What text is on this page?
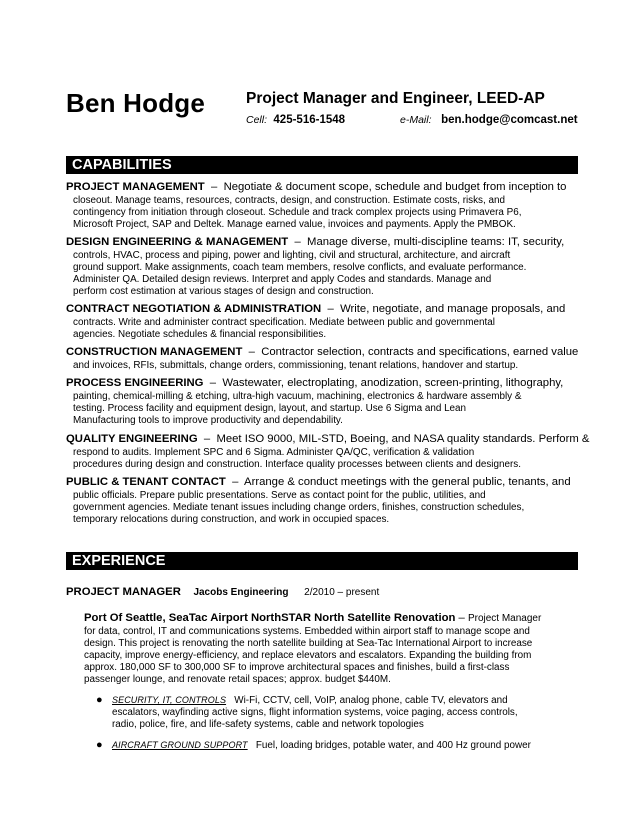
Ben Hodge	Project Manager and Engineer, LEED-AP
Cell: 425-516-1548	e-Mail: ben.hodge@comcast.net
CAPABILITIES
PROJECT MANAGEMENT  –  Negotiate & document scope, schedule and budget from inception to
closeout. Manage teams, resources, contracts, design, and construction. Estimate costs, risks, and
contingency from initiation through closeout. Schedule and track complex projects using Primavera P6,
Microsoft Project, SAP and Deltek. Manage earned value, invoices and payments. Apply the PMBOK.
DESIGN ENGINEERING & MANAGEMENT  –  Manage diverse, multi-discipline teams: IT, security,
controls, HVAC, process and piping, power and lighting, civil and structural, architecture, and aircraft
ground support. Make assignments, coach team members, resolve conflicts, and evaluate performance.
Administer QA. Detailed design reviews. Interpret and apply Codes and standards. Manage and
perform cost estimation at various stages of design and construction.
CONTRACT NEGOTIATION & ADMINISTRATION  –  Write, negotiate, and manage proposals, and
contracts. Write and administer contract specification. Mediate between public and governmental
agencies. Negotiate schedules & financial responsibilities.
CONSTRUCTION MANAGEMENT  –  Contractor selection, contracts and specifications, earned value
and invoices, RFIs, submittals, change orders, commissioning, tenant relations, handover and startup.
PROCESS ENGINEERING  –  Wastewater, electroplating, anodization, screen-printing, lithography,
painting, chemical-milling & etching, ultra-high vacuum, machining, electronics & hardware assembly &
testing. Process facility and equipment design, layout, and startup. Use 6 Sigma and Lean
Manufacturing tools to improve productivity and dependability.
QUALITY ENGINEERING  –  Meet ISO 9000, MIL-STD, Boeing, and NASA quality standards. Perform &
respond to audits. Implement SPC and 6 Sigma. Administer QA/QC, verification & validation
procedures during design and construction. Interface quality processes between clients and designers.
PUBLIC & TENANT CONTACT  –  Arrange & conduct meetings with the general public, tenants, and
public officials. Prepare public presentations. Serve as contact point for the public, utilities, and
government agencies. Mediate tenant issues including change orders, finishes, construction schedules,
temporary relocations during construction, and work in occupied spaces.
EXPERIENCE
PROJECT MANAGER Jacobs Engineering 2/2010 – present
Port Of Seattle, SeaTac Airport NorthSTAR North Satellite Renovation – Project Manager
for data, control, IT and communications systems. Embedded within airport staff to manage scope and
design. This project is renovating the north satellite building at Sea-Tac International Airport to increase
capacity, improve energy-efficiency, and replace elevators and escalators. Expanding the building from
approx. 180,000 SF to 300,000 SF to improve architectural spaces and finishes, build a first-class
passenger lounge, and renovate retail spaces; approx. budget $440M.
● SECURITY, IT, CONTROLS Wi-Fi, CCTV, cell, VoIP, analog phone, cable TV, elevators and
escalators, wayfinding active signs, flight information systems, voice paging, access controls,
radio, police, fire, and life-safety systems, cable and network topologies
● AIRCRAFT GROUND SUPPORT Fuel, loading bridges, potable water, and 400 Hz ground power
